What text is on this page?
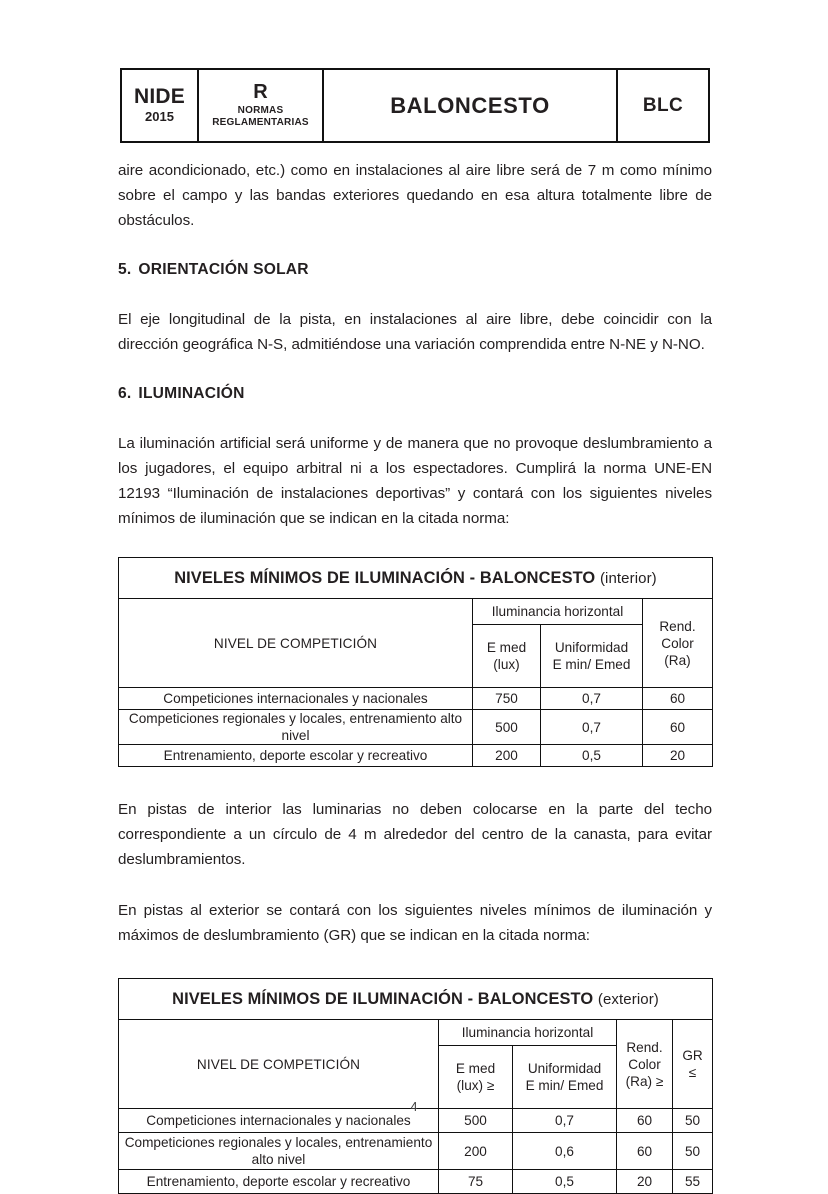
NIDE
2015
R
NORMAS
REGLAMENTARIAS
BALONCESTO	BLC

aire acondicionado, etc.) como en instalaciones al aire libre será de 7 m como mínimo sobre el campo y las bandas exteriores quedando en esa altura totalmente libre de obstáculos.

5. ORIENTACIÓN SOLAR

El eje longitudinal de la pista, en instalaciones al aire libre, debe coincidir con la dirección geográfica N-S, admitiéndose una variación comprendida entre N-NE y N-NO.

6. ILUMINACIÓN

La iluminación artificial será uniforme y de manera que no provoque deslumbramiento a los jugadores, el equipo arbitral ni a los espectadores. Cumplirá la norma UNE-EN 12193 “Iluminación de instalaciones deportivas” y contará con los siguientes niveles mínimos de iluminación que se indican en la citada norma:

NIVELES MÍNIMOS DE ILUMINACIÓN - BALONCESTO (interior)			
NIVEL DE COMPETICIÓN	Iluminancia horizontal		Rend.
Color
(Ra)
	E med
(lux)	Uniformidad
E min/ Emed	
Competiciones internacionales y nacionales	750	0,7	60
Competiciones regionales y locales, entrenamiento alto nivel	500	0,7	60
Entrenamiento, deporte escolar y recreativo	200	0,5	20

En pistas de interior las luminarias no deben colocarse en la parte del techo correspondiente a un círculo de 4 m alrededor del centro de la canasta, para evitar deslumbramientos.

En pistas al exterior se contará con los siguientes niveles mínimos de iluminación y máximos de deslumbramiento (GR) que se indican en la citada norma:

NIVELES MÍNIMOS DE ILUMINACIÓN - BALONCESTO (exterior)				
NIVEL DE COMPETICIÓN	Iluminancia horizontal		Rend.
Color
(Ra) ≥	GR
≤
	E med
(lux) ≥	Uniformidad
E min/ Emed		
Competiciones internacionales y nacionales	500	0,7	60	50
Competiciones regionales y locales, entrenamiento alto nivel	200	0,6	60	50
Entrenamiento, deporte escolar y recreativo	75	0,5	20	55
4
